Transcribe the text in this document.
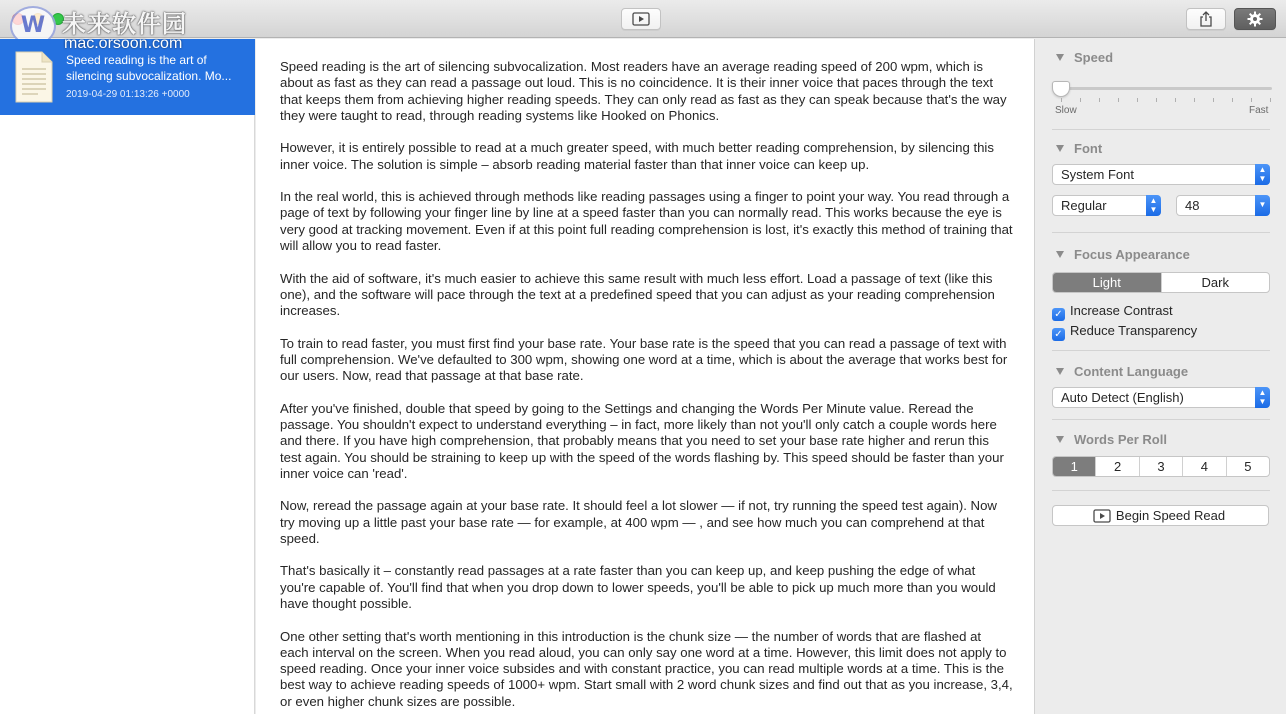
W 未来软件园
mac.orsoon.com
Speed reading is the art of silencing subvocalization. Mo...
2019-04-29 01:13:26 +0000

Speed reading is the art of silencing subvocalization. Most readers have an average reading speed of 200 wpm, which is about as fast as they can read a passage out loud. This is no coincidence. It is their inner voice that paces through the text that keeps them from achieving higher reading speeds. They can only read as fast as they can speak because that's the way they were taught to read, through reading systems like Hooked on Phonics.

However, it is entirely possible to read at a much greater speed, with much better reading comprehension, by silencing this inner voice. The solution is simple – absorb reading material faster than that inner voice can keep up.

In the real world, this is achieved through methods like reading passages using a finger to point your way. You read through a page of text by following your finger line by line at a speed faster than you can normally read. This works because the eye is very good at tracking movement. Even if at this point full reading comprehension is lost, it's exactly this method of training that will allow you to read faster.

With the aid of software, it's much easier to achieve this same result with much less effort. Load a passage of text (like this one), and the software will pace through the text at a predefined speed that you can adjust as your reading comprehension increases.

To train to read faster, you must first find your base rate. Your base rate is the speed that you can read a passage of text with full comprehension. We've defaulted to 300 wpm, showing one word at a time, which is about the average that works best for our users. Now, read that passage at that base rate.

After you've finished, double that speed by going to the Settings and changing the Words Per Minute value. Reread the passage. You shouldn't expect to understand everything – in fact, more likely than not you'll only catch a couple words here and there. If you have high comprehension, that probably means that you need to set your base rate higher and rerun this test again. You should be straining to keep up with the speed of the words flashing by. This speed should be faster than your inner voice can 'read'.

Now, reread the passage again at your base rate. It should feel a lot slower — if not, try running the speed test again). Now try moving up a little past your base rate — for example, at 400 wpm — , and see how much you can comprehend at that speed.

That's basically it – constantly read passages at a rate faster than you can keep up, and keep pushing the edge of what you're capable of. You'll find that when you drop down to lower speeds, you'll be able to pick up much more than you would have thought possible.

One other setting that's worth mentioning in this introduction is the chunk size — the number of words that are flashed at each interval on the screen. When you read aloud, you can only say one word at a time. However, this limit does not apply to speed reading. Once your inner voice subsides and with constant practice, you can read multiple words at a time. This is the best way to achieve reading speeds of 1000+ wpm. Start small with 2 word chunk sizes and find out that as you increase, 3,4, or even higher chunk sizes are possible.

Speed
Slow	Fast
Font
System Font	▲
▼
Regular	▲
▼	48	▼
Focus Appearance
Light	Dark
✓ Increase Contrast
✓ Reduce Transparency
Content Language
Auto Detect (English)	▲
▼
Words Per Roll
1	2	3	4	5
Begin Speed Read
